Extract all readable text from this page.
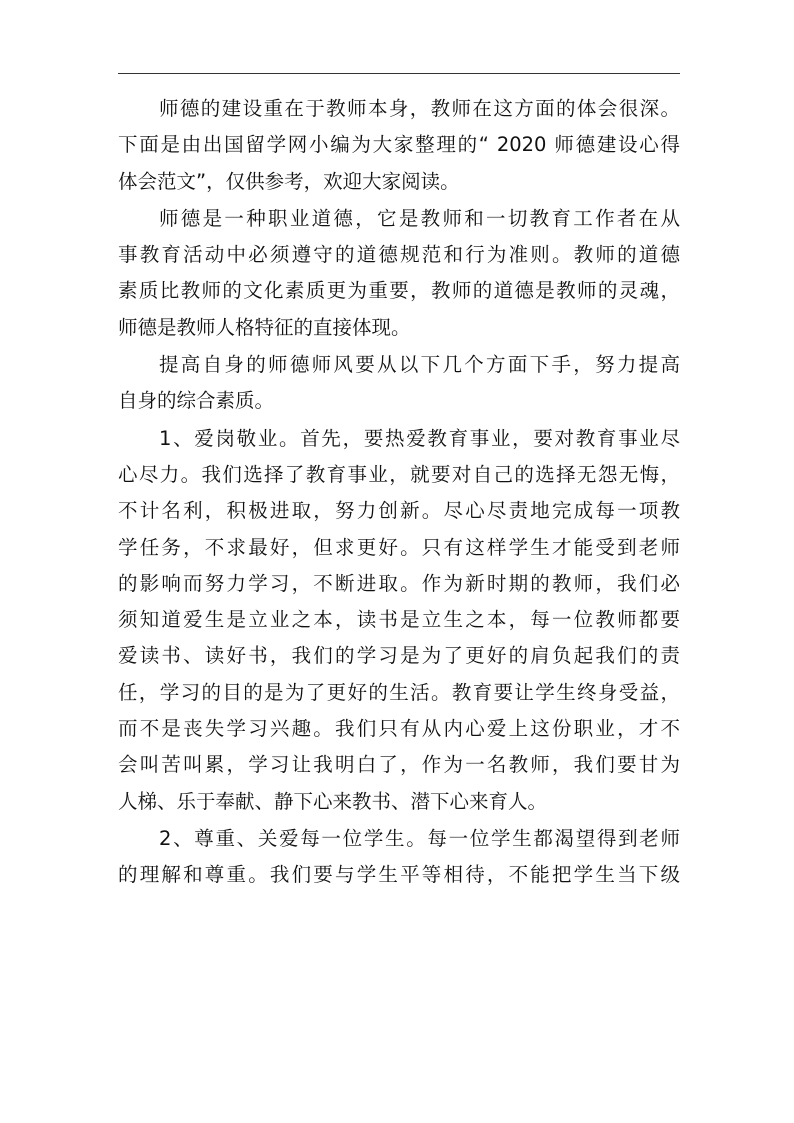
师德的建设重在于教师本身，教师在这方面的体会很深。
下面是由出国留学网小编为大家整理的“ 2020 师德建设心得
体会范文”，仅供参考，欢迎大家阅读。
师德是一种职业道德，它是教师和一切教育工作者在从
事教育活动中必须遵守的道德规范和行为准则。教师的道德
素质比教师的文化素质更为重要，教师的道德是教师的灵魂，
师德是教师人格特征的直接体现。
提高自身的师德师风要从以下几个方面下手，努力提高
自身的综合素质。
1、爱岗敬业。首先，要热爱教育事业，要对教育事业尽
心尽力。我们选择了教育事业，就要对自己的选择无怨无悔，
不计名利，积极进取，努力创新。尽心尽责地完成每一项教
学任务，不求最好，但求更好。只有这样学生才能受到老师
的影响而努力学习，不断进取。作为新时期的教师，我们必
须知道爱生是立业之本，读书是立生之本，每一位教师都要
爱读书、读好书，我们的学习是为了更好的肩负起我们的责
任，学习的目的是为了更好的生活。教育要让学生终身受益，
而不是丧失学习兴趣。我们只有从内心爱上这份职业，才不
会叫苦叫累，学习让我明白了，作为一名教师，我们要甘为
人梯、乐于奉献、静下心来教书、潜下心来育人。
2、尊重、关爱每一位学生。每一位学生都渴望得到老师
的理解和尊重。我们要与学生平等相待，不能把学生当下级
